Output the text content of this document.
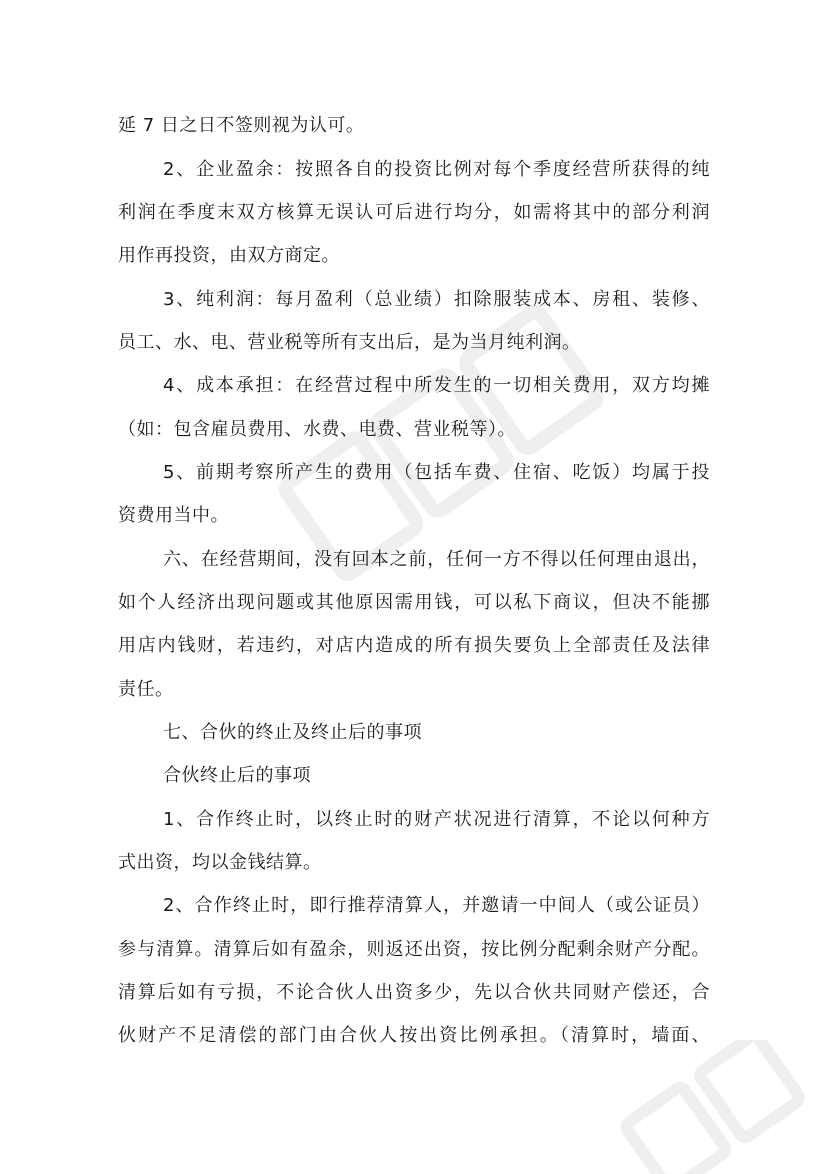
延 7 日之日不签则视为认可。
2、企业盈余：按照各自的投资比例对每个季度经营所获得的纯
利润在季度末双方核算无误认可后进行均分，如需将其中的部分利润
用作再投资，由双方商定。
3、纯利润：每月盈利（总业绩）扣除服装成本、房租、装修、
员工、水、电、营业税等所有支出后，是为当月纯利润。
4、成本承担：在经营过程中所发生的一切相关费用，双方均摊
（如：包含雇员费用、水费、电费、营业税等）。
5、前期考察所产生的费用（包括车费、住宿、吃饭）均属于投
资费用当中。
六、在经营期间，没有回本之前，任何一方不得以任何理由退出，
如个人经济出现问题或其他原因需用钱，可以私下商议，但决不能挪
用店内钱财，若违约，对店内造成的所有损失要负上全部责任及法律
责任。
七、合伙的终止及终止后的事项
合伙终止后的事项
1、合作终止时，以终止时的财产状况进行清算，不论以何种方
式出资，均以金钱结算。
2、合作终止时，即行推荐清算人，并邀请一中间人（或公证员）
参与清算。清算后如有盈余，则返还出资，按比例分配剩余财产分配。
清算后如有亏损，不论合伙人出资多少，先以合伙共同财产偿还，合
伙财产不足清偿的部门由合伙人按出资比例承担。（清算时，墙面、
